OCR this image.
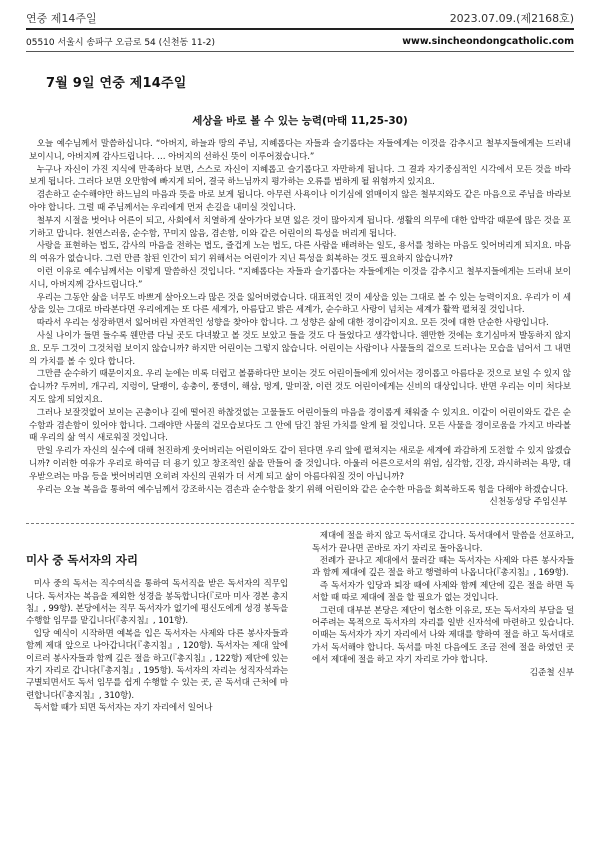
연중 제14주일	2023.07.09.(제2168호)
05510 서울시 송파구 오금로 54 (신천동 11-2)	www.sincheondongcatholic.com
7월 9일 연중 제14주일
세상을 바로 볼 수 있는 능력(마태 11,25-30)

오늘 예수님께서 말씀하십니다. “아버지, 하늘과 땅의 주님, 지혜롭다는 자들과 슬기롭다는 자들에게는 이것을 감추시고 철부지들에게는 드러내 보이시니, 아버지께 감사드립니다. … 아버지의 선하신 뜻이 이루어졌습니다.”

누구나 자신이 가진 지식에 만족하다 보면, 스스로 자신이 지혜롭고 슬기롭다고 자만하게 됩니다. 그 결과 자기중심적인 시각에서 모든 것을 바라보게 됩니다. 그러다 보면 오만함에 빠지게 되어, 결국 하느님까지 평가하는 오류를 범하게 될 위험까지 있지요.

겸손하고 순수해야만 하느님의 마음과 뜻을 바로 보게 됩니다. 아무런 사욕이나 이기심에 얽매이지 않은 철부지와도 같은 마음으로 주님을 바라보아야 합니다. 그럴 때 주님께서는 우리에게 먼저 손길을 내미실 것입니다.

철부지 시절을 벗어나 어른이 되고, 사회에서 치열하게 살아가다 보면 잃은 것이 많아지게 됩니다. 생활의 의무에 대한 압박감 때문에 많은 것을 포기하고 맙니다. 천연스러움, 순수함, 꾸미지 않음, 겸손함, 이와 같은 어린이의 특성을 버리게 됩니다.

사랑을 표현하는 법도, 감사의 마음을 전하는 법도, 즐겁게 노는 법도, 다른 사람을 배려하는 일도, 용서를 청하는 마음도 잊어버리게 되지요. 마음의 여유가 없습니다. 그런 만큼 참된 인간이 되기 위해서는 어린이가 지닌 특성을 회복하는 것도 필요하지 않습니까?

이런 이유로 예수님께서는 이렇게 말씀하신 것입니다. “지혜롭다는 자들과 슬기롭다는 자들에게는 이것을 감추시고 철부지들에게는 드러내 보이시니, 아버지께 감사드립니다.”

우리는 그동안 삶을 너무도 바쁘게 살아오느라 많은 것을 잃어버렸습니다. 대표적인 것이 세상을 있는 그대로 볼 수 있는 능력이지요. 우리가 이 세상을 있는 그대로 바라본다면 우리에게는 또 다른 세계가, 아름답고 밝은 세계가, 순수하고 사랑이 넘치는 세계가 활짝 펼쳐질 것입니다.

따라서 우리는 성장하면서 잃어버린 자연적인 성향을 찾아야 합니다. 그 성향은 삶에 대한 경이감이지요. 모든 것에 대한 단순한 사랑입니다.

사실 나이가 들면 들수록 웬만큼 다닐 곳도 다녀봤고 볼 것도 보았고 들을 것도 다 들었다고 생각합니다. 웬만한 것에는 호기심마저 발동하지 않지요. 모두 그것이 그것처럼 보이지 않습니까? 하지만 어린이는 그렇지 않습니다. 어린이는 사람이나 사물들의 겉으로 드러나는 모습을 넘어서 그 내면의 가치를 볼 수 있다 합니다.

그만큼 순수하기 때문이지요. 우리 눈에는 비록 더럽고 볼품하다만 보이는 것도 어린이들에게 있어서는 경이롭고 아름다운 것으로 보일 수 있지 않습니까? 두꺼비, 개구리, 지렁이, 달팽이, 송충이, 풍뎅이, 해삼, 멍게, 말미잘, 이런 것도 어린이에게는 신비의 대상입니다. 반면 우리는 이미 처다보지도 않게 되었지요.

그러나 보잘것없어 보이는 곤충이나 길에 떨어진 하찮것없는 고물들도 어린이들의 마음을 경이롭게 채워줄 수 있지요. 이같이 어린이와도 같은 순수함과 겸손함이 있어야 합니다. 그래야만 사물의 겉모습보다도 그 안에 담긴 참된 가치를 알게 될 것입니다. 모든 사물을 경이로움을 가지고 바라볼 때 우리의 삶 역시 새로워질 것입니다.

만일 우리가 자신의 실수에 대해 천진하게 웃어버리는 어린이와도 같이 된다면 우리 앞에 펼쳐지는 새로운 세계에 과감하게 도전할 수 있지 않겠습니까? 이러한 여유가 우리로 하여금 더 용기 있고 창조적인 삶을 만들어 줄 것입니다. 아울러 어른으로서의 위엄, 심각함, 긴장, 과시하려는 욕망, 대우받으려는 마음 등을 벗어버리면 오히려 자신의 권위가 더 서게 되고 삶이 아름다워질 것이 아닙니까?

우리는 오늘 복음을 통하여 예수님께서 강조하시는 겸손과 순수함을 찾기 위해 어린이와 같은 순수한 마음을 회복하도록 힘을 다해야 하겠습니다.

신천동성당 주임신부
미사 중 독서자의 자리

미사 중의 독서는 직수여식을 통하여 독서직을 받은 독서자의 직무입니다. 독서자는 복음을 제외한 성경을 봉독합니다(『로마 미사 경본 총지침』, 99항). 본당에서는 직무 독서자가 없기에 평신도에게 성경 봉독을 수행할 임무를 맡깁니다(『총지침』, 101항).

입당 예식이 시작하면 예복을 입은 독서자는 사제와 다른 봉사자들과 함께 제대 앞으로 나아갑니다(『총지침』, 120항). 독서자는 제대 앞에 이르러 봉사자들과 함께 깊은 절을 하고(『총지침』, 122항) 제단에 있는 자기 자리로 갑니다(『총지침』, 195항). 독서자의 자리는 성직자석과는 구별되면서도 독서 임무를 쉽게 수행할 수 있는 곳, 곧 독서대 근처에 마련합니다(『총지침』, 310항).

독서할 때가 되면 독서자는 자기 자리에서 일어나

제대에 절을 하지 않고 독서대로 갑니다. 독서대에서 말씀을 선포하고, 독서가 끝나면 곧바로 자기 자리로 돌아옵니다.

전례가 끝나고 제대에서 물러갈 때는 독서자는 사제와 다른 봉사자들과 함께 제대에 깊은 절을 하고 행렬하여 나옵니다(『총지침』, 169항).

즉 독서자가 입당과 퇴장 때에 사제와 함께 제단에 깊은 절을 하면 독서할 때 따로 제대에 절을 할 필요가 없는 것입니다.

그런데 대부분 본당은 제단이 협소한 이유로, 또는 독서자의 부담을 덜어주려는 목적으로 독서자의 자리를 일반 신자석에 마련하고 있습니다. 이때는 독서자가 자기 자리에서 나와 제대를 향하여 절을 하고 독서대로 가서 독서해야 합니다. 독서를 마친 다음에도 조금 전에 절을 하였던 곳에서 제대에 절을 하고 자기 자리로 가야 합니다.

김준철 신부
